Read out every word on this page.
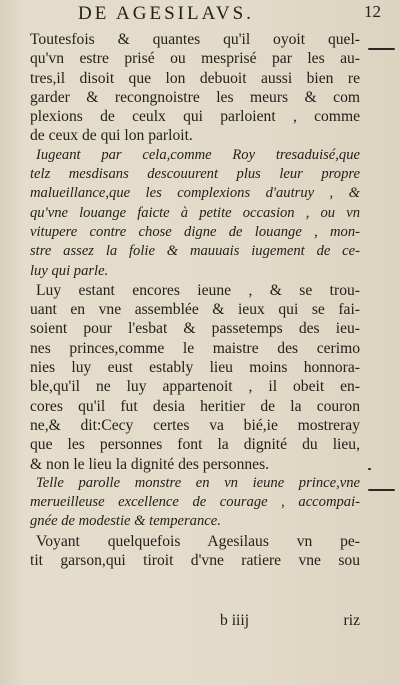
DE AGESILAVS.	12
Toutesfois & quantes qu'il oyoit quel-
qu'vn estre prisé ou mesprisé par les au-
tres,il disoit que lon debuoit aussi bien re
garder & recongnoistre les meurs & com
plexions de ceulx qui parloient , comme
de ceux de qui lon parloit.
Iugeant par cela,comme Roy tresaduisé,que
telz mesdisans descouurent plus leur propre
malueillance,que les complexions d'autruy , &
qu'vne louange faicte à petite occasion , ou vn
vitupere contre chose digne de louange , mon-
stre assez la folie & mauuais iugement de ce-
luy qui parle.
Luy estant encores ieune , & se trou-
uant en vne assemblée & ieux qui se fai-
soient pour l'esbat & passetemps des ieu-
nes princes,comme le maistre des cerimo
nies luy eust estably lieu moins honnora-
ble,qu'il ne luy appartenoit , il obeit en-
cores qu'il fut desia heritier de la couron
ne,& dit:Cecy certes va bié,ie mostreray
que les personnes font la dignité du lieu,
& non le lieu la dignité des personnes.
Telle parolle monstre en vn ieune prince,vne
merueilleuse excellence de courage , accompai-
gnée de modestie & temperance.
Voyant quelquefois Agesilaus vn pe-
tit garson,qui tiroit d'vne ratiere vne sou
b iiij	riz
